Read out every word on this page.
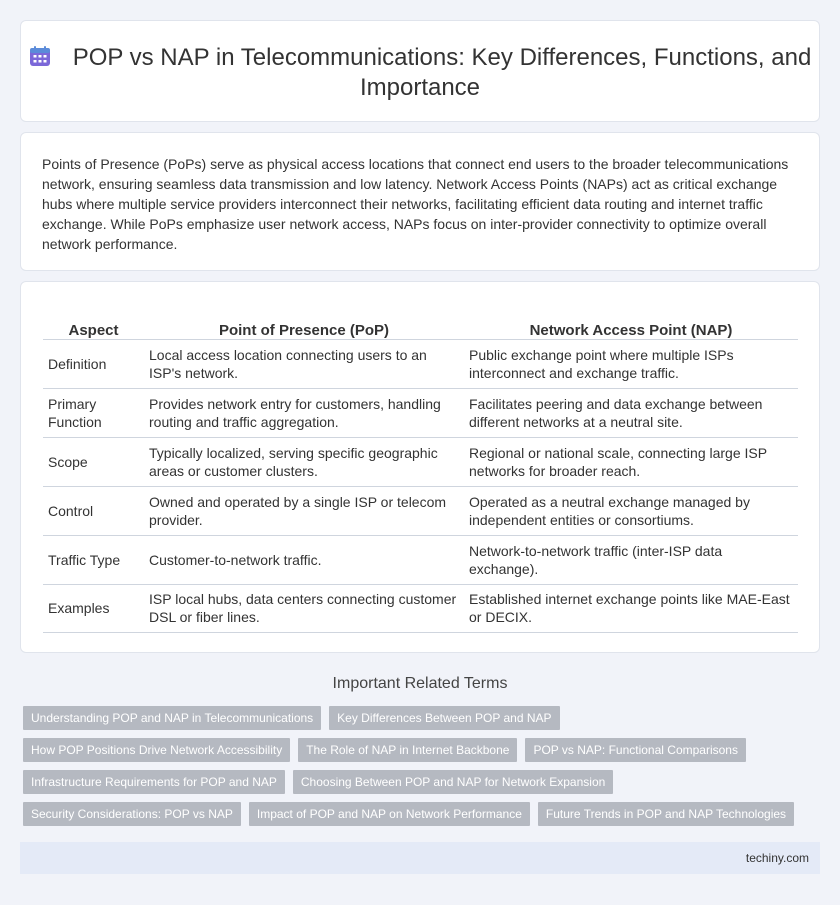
POP vs NAP in Telecommunications: Key Differences, Functions, and Importance

Points of Presence (PoPs) serve as physical access locations that connect end users to the broader telecommunications network, ensuring seamless data transmission and low latency. Network Access Points (NAPs) act as critical exchange hubs where multiple service providers interconnect their networks, facilitating efficient data routing and internet traffic exchange. While PoPs emphasize user network access, NAPs focus on inter-provider connectivity to optimize overall network performance.

Aspect	Point of Presence (PoP)	Network Access Point (NAP)
Definition	Local access location connecting users to an ISP's network.	Public exchange point where multiple ISPs interconnect and exchange traffic.
Primary Function	Provides network entry for customers, handling routing and traffic aggregation.	Facilitates peering and data exchange between different networks at a neutral site.
Scope	Typically localized, serving specific geographic areas or customer clusters.	Regional or national scale, connecting large ISP networks for broader reach.
Control	Owned and operated by a single ISP or telecom provider.	Operated as a neutral exchange managed by independent entities or consortiums.
Traffic Type	Customer-to-network traffic.	Network-to-network traffic (inter-ISP data exchange).
Examples	ISP local hubs, data centers connecting customer DSL or fiber lines.	Established internet exchange points like MAE-East or DECIX.
Important Related Terms
Understanding POP and NAP in Telecommunications	Key Differences Between POP and NAP
How POP Positions Drive Network Accessibility	The Role of NAP in Internet Backbone	POP vs NAP: Functional Comparisons
Infrastructure Requirements for POP and NAP	Choosing Between POP and NAP for Network Expansion
Security Considerations: POP vs NAP	Impact of POP and NAP on Network Performance	Future Trends in POP and NAP Technologies
techiny.com
